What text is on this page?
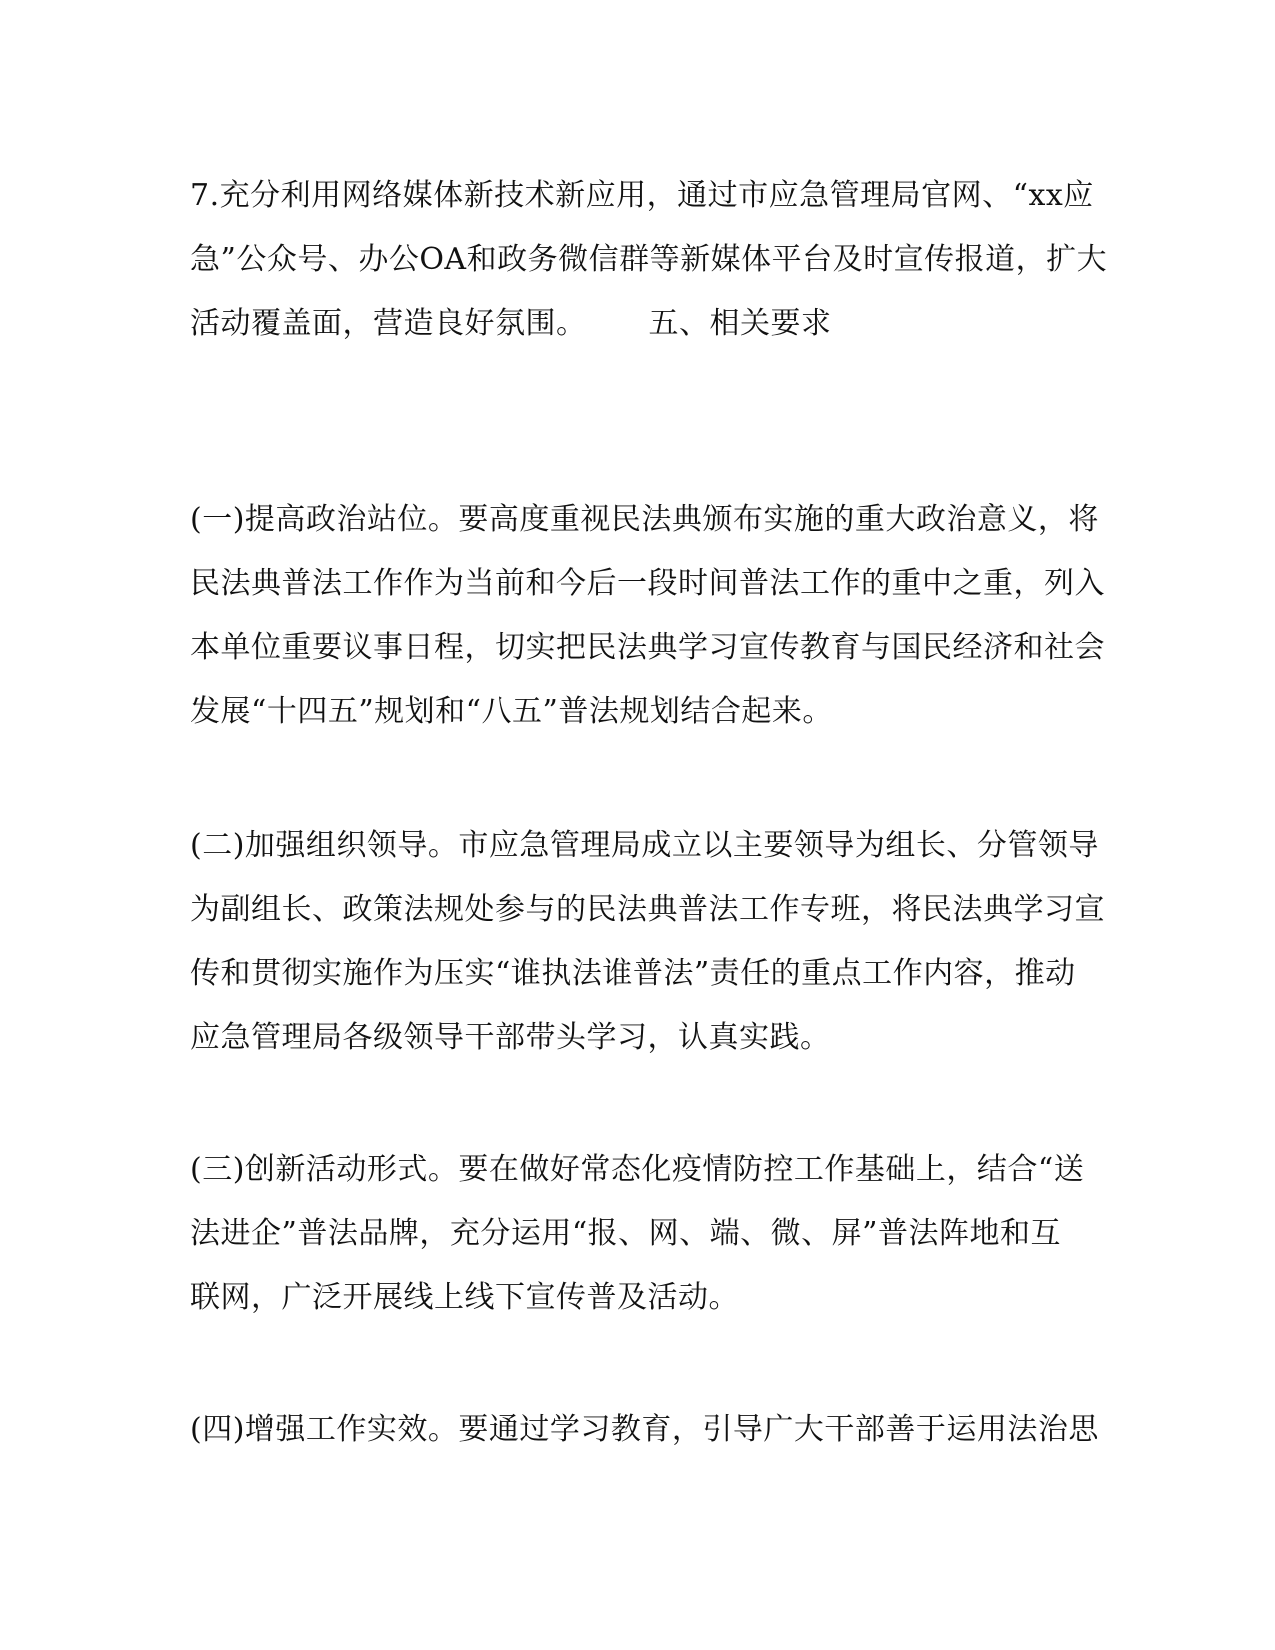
7.充分利用网络媒体新技术新应用，通过市应急管理局官网、“xx应
急”公众号、办公OA和政务微信群等新媒体平台及时宣传报道，扩大
活动覆盖面，营造良好氛围。 五、相关要求
(一)提高政治站位。要高度重视民法典颁布实施的重大政治意义，将
民法典普法工作作为当前和今后一段时间普法工作的重中之重，列入
本单位重要议事日程，切实把民法典学习宣传教育与国民经济和社会
发展“十四五”规划和“八五”普法规划结合起来。
(二)加强组织领导。市应急管理局成立以主要领导为组长、分管领导
为副组长、政策法规处参与的民法典普法工作专班，将民法典学习宣
传和贯彻实施作为压实“谁执法谁普法”责任的重点工作内容，推动
应急管理局各级领导干部带头学习，认真实践。
(三)创新活动形式。要在做好常态化疫情防控工作基础上，结合“送
法进企”普法品牌，充分运用“报、网、端、微、屏”普法阵地和互
联网，广泛开展线上线下宣传普及活动。
(四)增强工作实效。要通过学习教育，引导广大干部善于运用法治思
